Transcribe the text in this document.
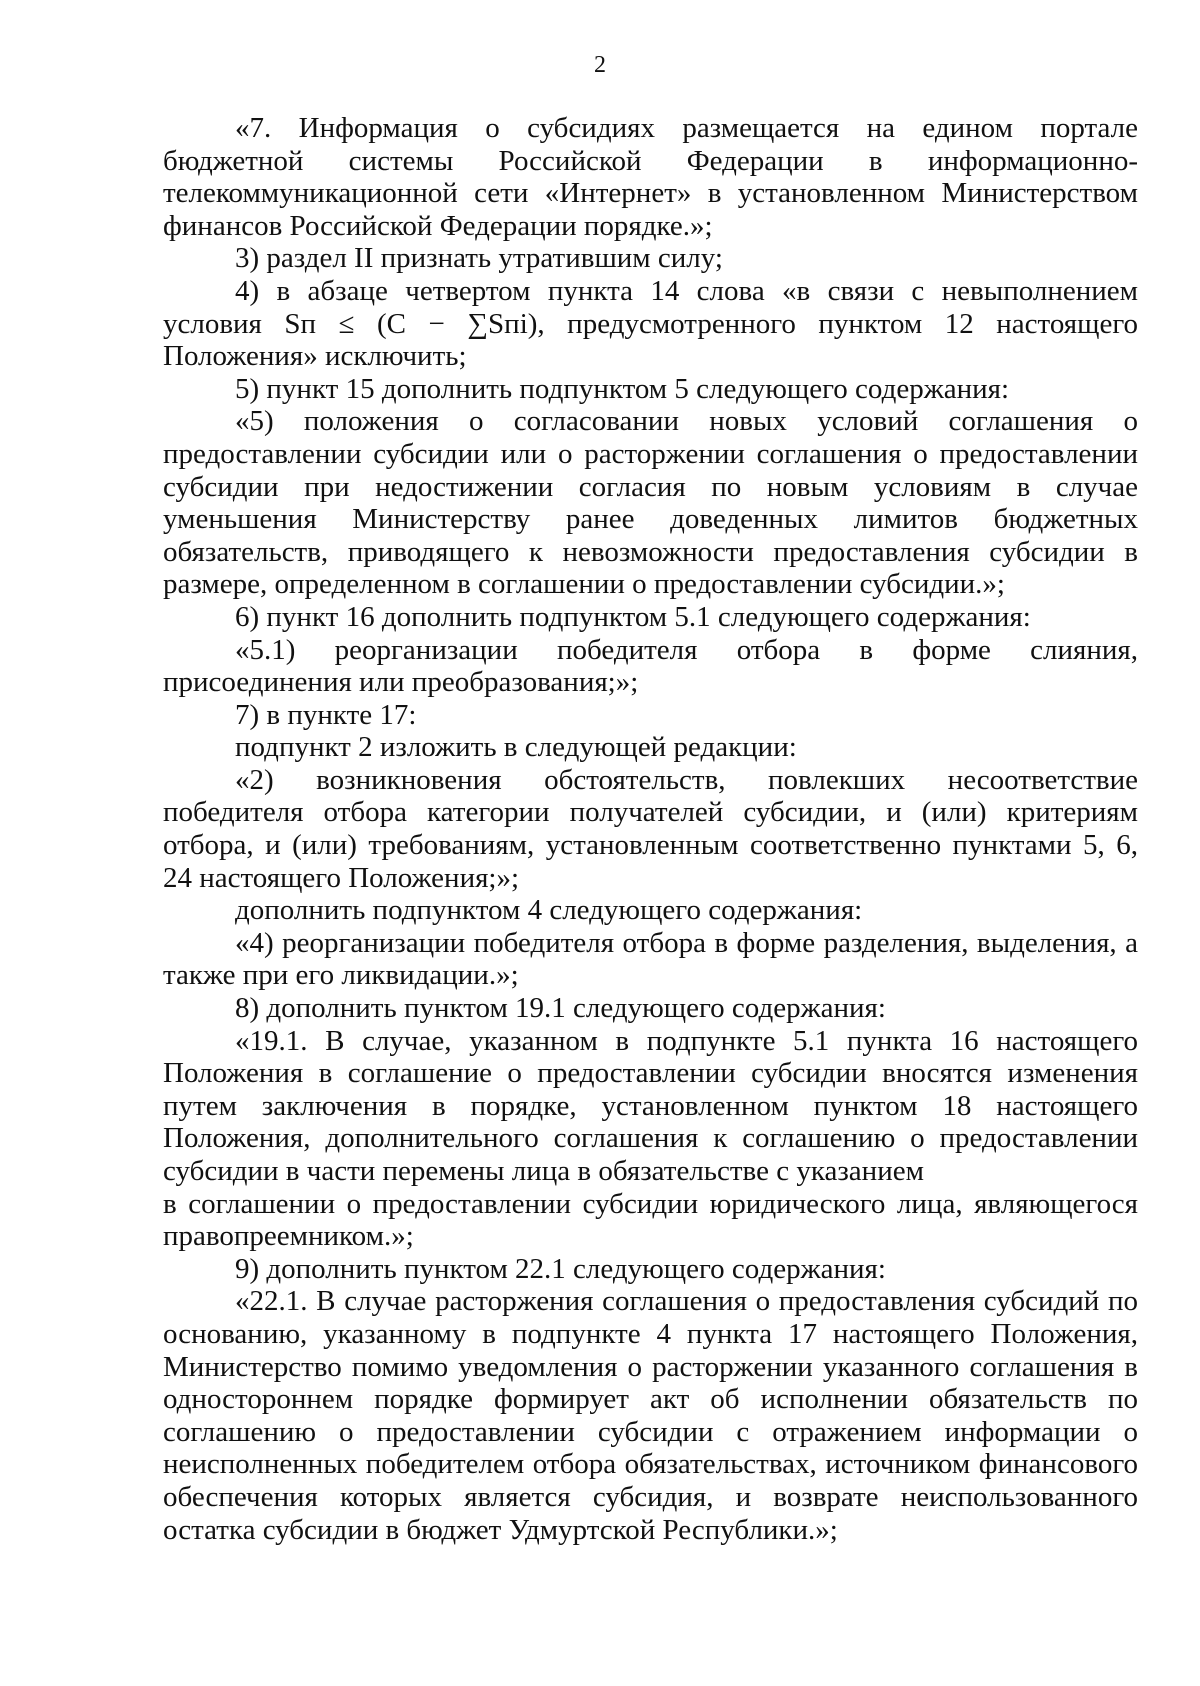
2

«7. Информация о субсидиях размещается на едином портале бюджетной системы Российской Федерации в информационно-телекоммуникационной сети «Интернет» в установленном Министерством финансов Российской Федерации порядке.»;

3) раздел II признать утратившим силу;

4) в абзаце четвертом пункта 14 слова «в связи с невыполнением условия Sп ≤ (С − ∑Sпi), предусмотренного пунктом 12 настоящего Положения» исключить;

5) пункт 15 дополнить подпунктом 5 следующего содержания:

«5) положения о согласовании новых условий соглашения о предоставлении субсидии или о расторжении соглашения о предоставлении субсидии при недостижении согласия по новым условиям в случае уменьшения Министерству ранее доведенных лимитов бюджетных обязательств, приводящего к невозможности предоставления субсидии в размере, определенном в соглашении о предоставлении субсидии.»;

6) пункт 16 дополнить подпунктом 5.1 следующего содержания:

«5.1) реорганизации победителя отбора в форме слияния, присоединения или преобразования;»;

7) в пункте 17:

подпункт 2 изложить в следующей редакции:

«2) возникновения обстоятельств, повлекших несоответствие победителя отбора категории получателей субсидии, и (или) критериям отбора, и (или) требованиям, установленным соответственно пунктами 5, 6, 24 настоящего Положения;»;

дополнить подпунктом 4 следующего содержания:

«4) реорганизации победителя отбора в форме разделения, выделения, а также при его ликвидации.»;

8) дополнить пунктом 19.1 следующего содержания:

«19.1. В случае, указанном в подпункте 5.1 пункта 16 настоящего Положения в соглашение о предоставлении субсидии вносятся изменения путем заключения в порядке, установленном пунктом 18 настоящего Положения, дополнительного соглашения к соглашению о предоставлении субсидии в части перемены лица в обязательстве с указанием

в соглашении о предоставлении субсидии юридического лица, являющегося правопреемником.»;

9) дополнить пунктом 22.1 следующего содержания:

«22.1. В случае расторжения соглашения о предоставления субсидий по основанию, указанному в подпункте 4 пункта 17 настоящего Положения, Министерство помимо уведомления о расторжении указанного соглашения в одностороннем порядке формирует акт об исполнении обязательств по соглашению о предоставлении субсидии с отражением информации о неисполненных победителем отбора обязательствах, источником финансового обеспечения которых является субсидия, и возврате неиспользованного остатка субсидии в бюджет Удмуртской Республики.»;
